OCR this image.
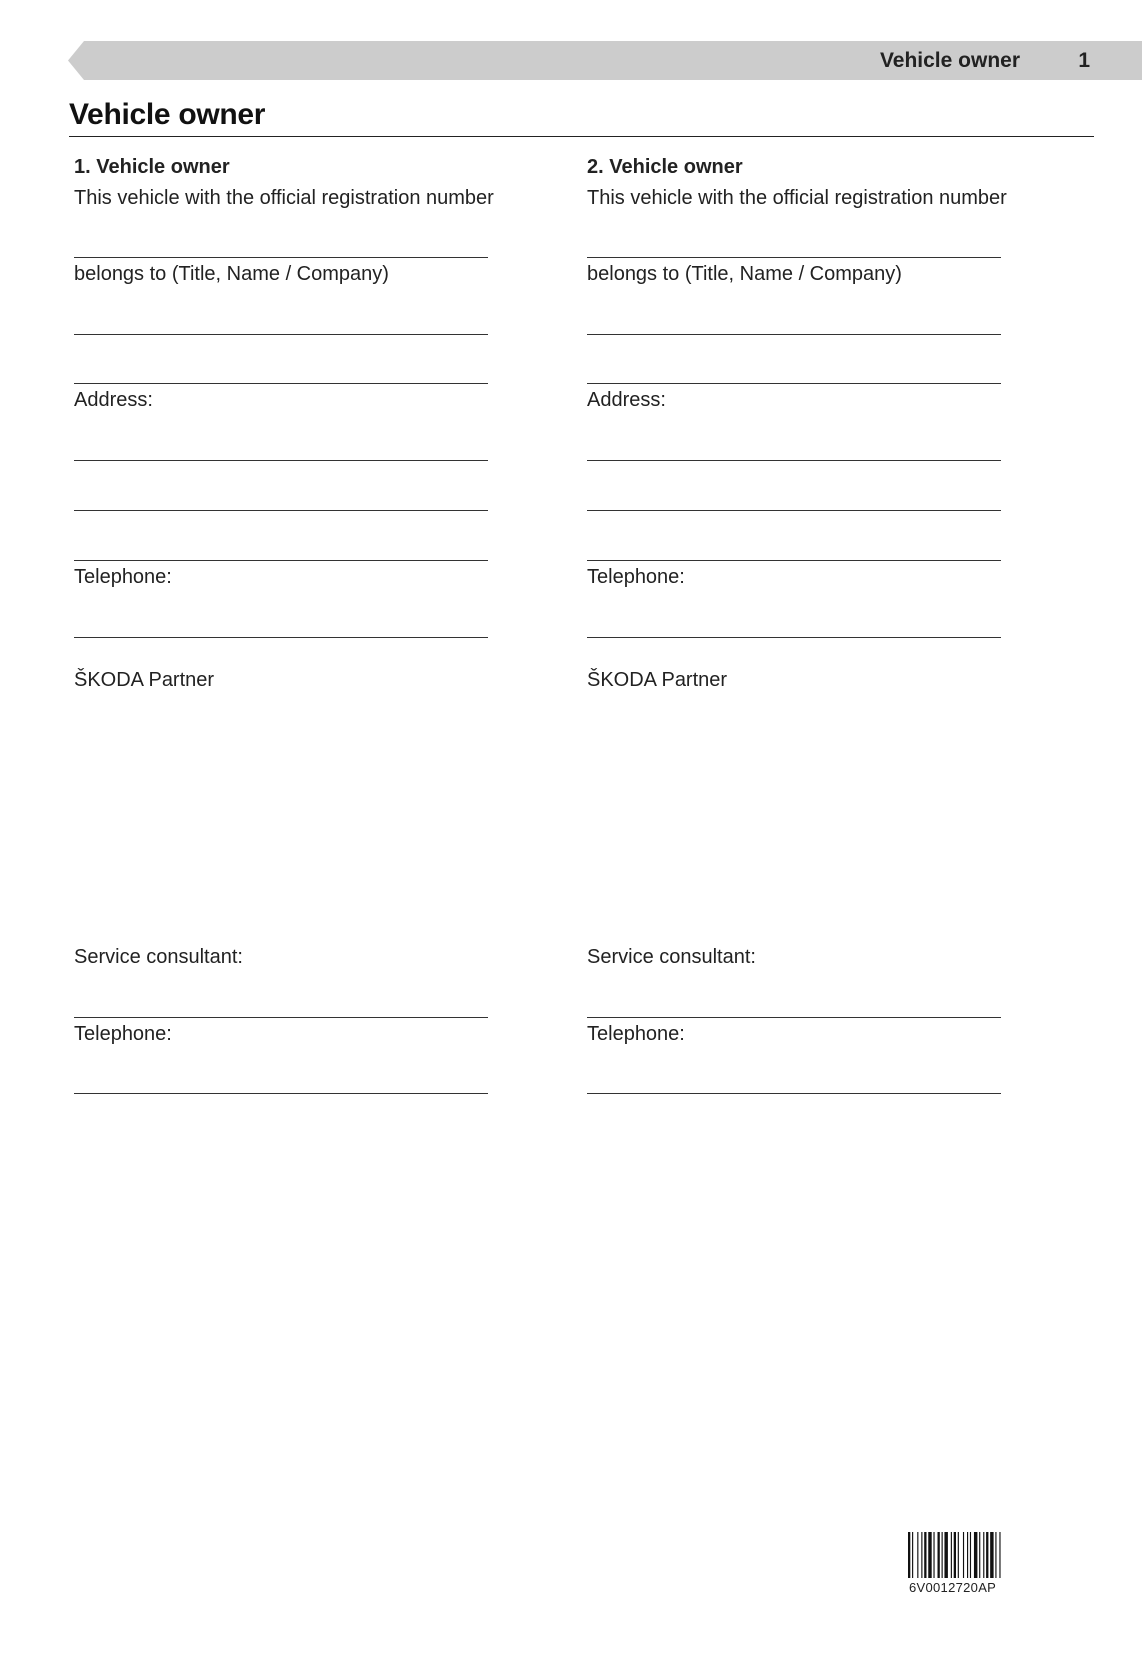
Vehicle owner	1
Vehicle owner
1. Vehicle owner
This vehicle with the official registration number
belongs to (Title, Name / Company)
Address:
Telephone:
ŠKODA Partner
Service consultant:
Telephone:
2. Vehicle owner
This vehicle with the official registration number
belongs to (Title, Name / Company)
Address:
Telephone:
ŠKODA Partner
Service consultant:
Telephone:
6V0012720AP
